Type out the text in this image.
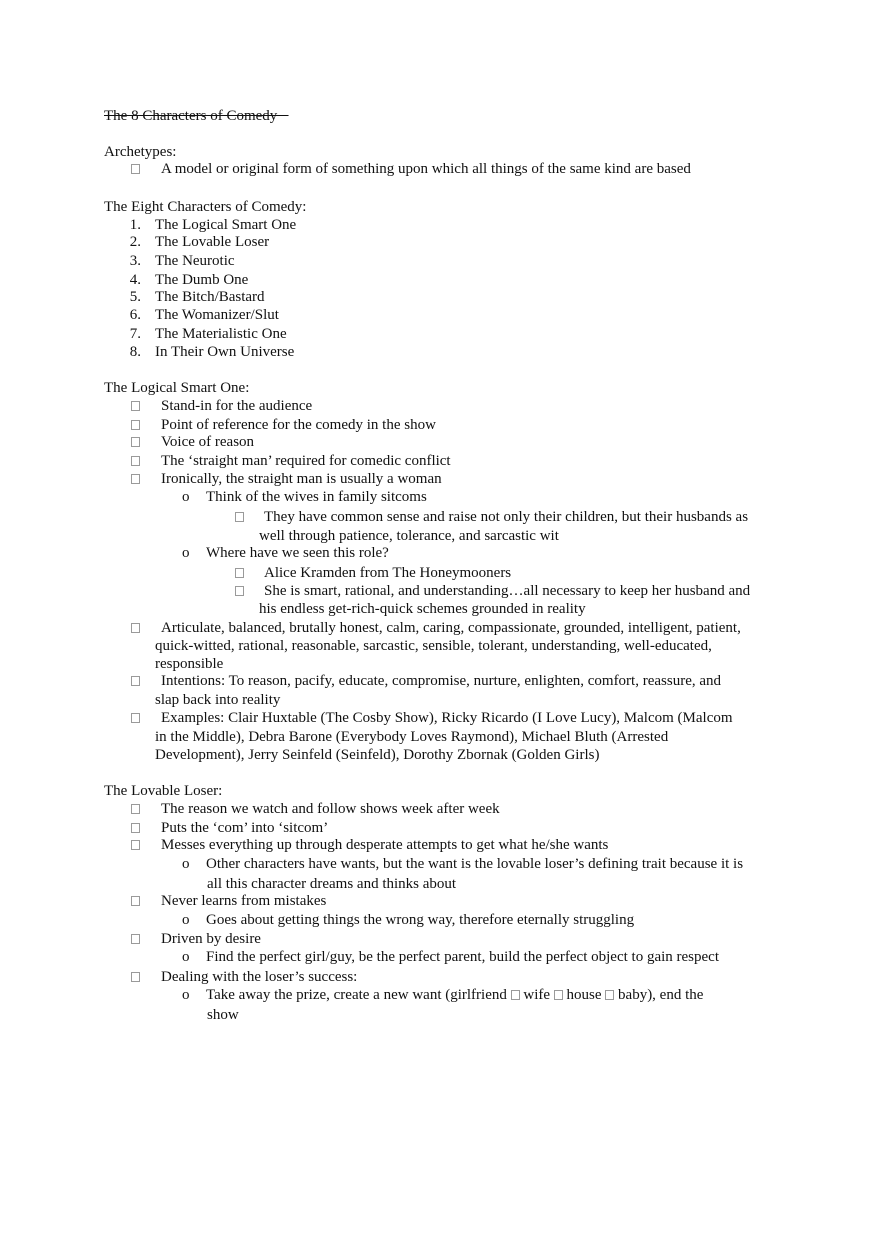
The 8 Characters of Comedy
Archetypes:
A model or original form of something upon which all things of the same kind are based
The Eight Characters of Comedy:
1. The Logical Smart One
2. The Lovable Loser
3. The Neurotic
4. The Dumb One
5. The Bitch/Bastard
6. The Womanizer/Slut
7. The Materialistic One
8. In Their Own Universe
The Logical Smart One:
Stand-in for the audience
Point of reference for the comedy in the show
Voice of reason
The ‘straight man’ required for comedic conflict
Ironically, the straight man is usually a woman
o Think of the wives in family sitcoms
They have common sense and raise not only their children, but their husbands as
well through patience, tolerance, and sarcastic wit
o Where have we seen this role?
Alice Kramden from The Honeymooners
She is smart, rational, and understanding…all necessary to keep her husband and
his endless get-rich-quick schemes grounded in reality
Articulate, balanced, brutally honest, calm, caring, compassionate, grounded, intelligent, patient,
quick-witted, rational, reasonable, sarcastic, sensible, tolerant, understanding, well-educated,
responsible
Intentions: To reason, pacify, educate, compromise, nurture, enlighten, comfort, reassure, and
slap back into reality
Examples: Clair Huxtable (The Cosby Show), Ricky Ricardo (I Love Lucy), Malcom (Malcom
in the Middle), Debra Barone (Everybody Loves Raymond), Michael Bluth (Arrested
Development), Jerry Seinfeld (Seinfeld), Dorothy Zbornak (Golden Girls)
The Lovable Loser:
The reason we watch and follow shows week after week
Puts the ‘com’ into ‘sitcom’
Messes everything up through desperate attempts to get what he/she wants
o Other characters have wants, but the want is the lovable loser’s defining trait because it is
all this character dreams and thinks about
Never learns from mistakes
o Goes about getting things the wrong way, therefore eternally struggling
Driven by desire
o Find the perfect girl/guy, be the perfect parent, build the perfect object to gain respect
Dealing with the loser’s success:
o Take away the prize, create a new want (girlfriend wife house baby), end the
show
